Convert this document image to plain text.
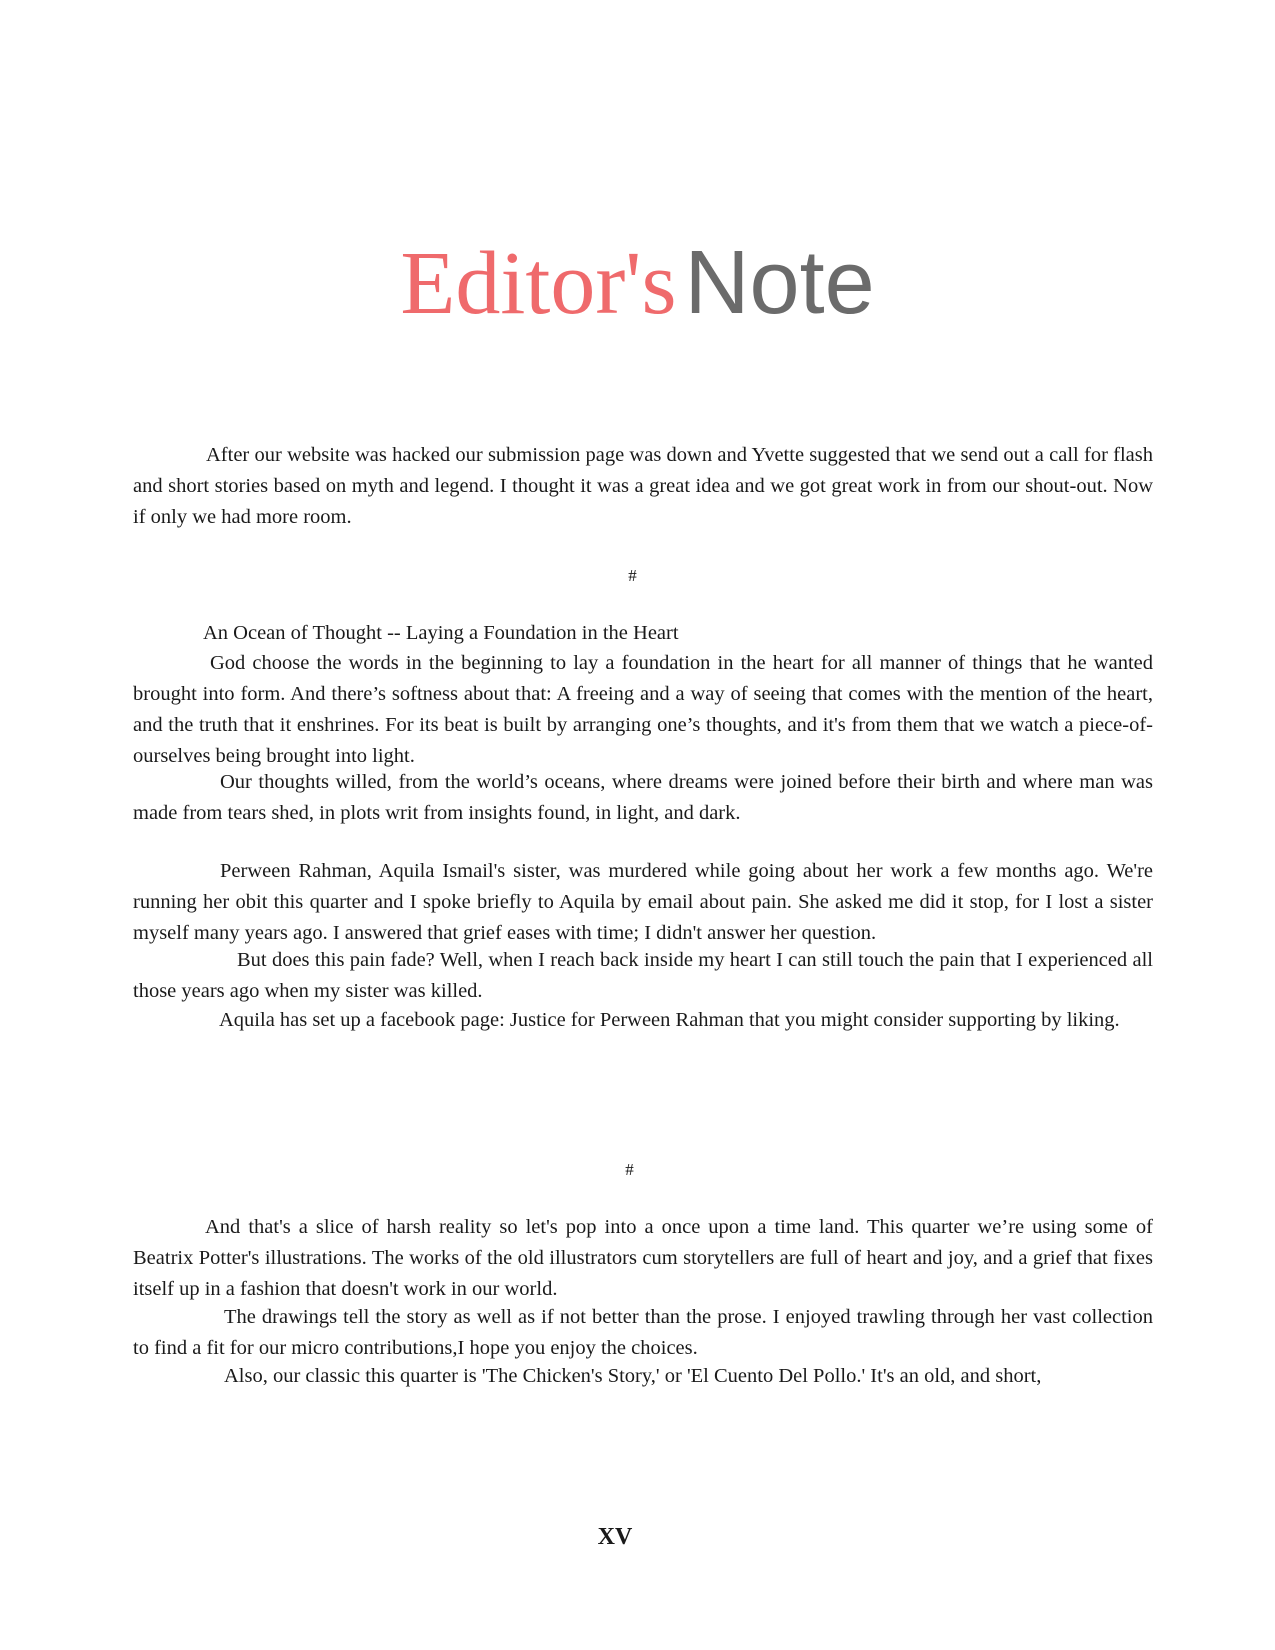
Editor'sNote

After our website was hacked our submission page was down and Yvette suggested that we send out a call for flash and short stories based on myth and legend. I thought it was a great idea and we got great work in from our shout-out. Now if only we had more room.

#

An Ocean of Thought -- Laying a Foundation in the Heart

God choose the words in the beginning to lay a foundation in the heart for all manner of things that he wanted brought into form. And there’s softness about that: A freeing and a way of seeing that comes with the mention of the heart, and the truth that it enshrines. For its beat is built by arranging one’s thoughts, and it's from them that we watch a piece-of-ourselves being brought into light.

Our thoughts willed, from the world’s oceans, where dreams were joined before their birth and where man was made from tears shed, in plots writ from insights found, in light, and dark.

Perween Rahman, Aquila Ismail's sister, was murdered while going about her work a few months ago. We're running her obit this quarter and I spoke briefly to Aquila by email about pain. She asked me did it stop, for I lost a sister myself many years ago. I answered that grief eases with time; I didn't answer her question.

But does this pain fade? Well, when I reach back inside my heart I can still touch the pain that I experienced all those years ago when my sister was killed.

Aquila has set up a facebook page: Justice for Perween Rahman that you might consider supporting by liking.

#

And that's a slice of harsh reality so let's pop into a once upon a time land. This quarter we’re using some of Beatrix Potter's illustrations. The works of the old illustrators cum storytellers are full of heart and joy, and a grief that fixes itself up in a fashion that doesn't work in our world.

The drawings tell the story as well as if not better than the prose. I enjoyed trawling through her vast collection to find a fit for our micro contributions,I hope you enjoy the choices.

Also, our classic this quarter is 'The Chicken's Story,' or 'El Cuento Del Pollo.' It's an old, and short,

XV
